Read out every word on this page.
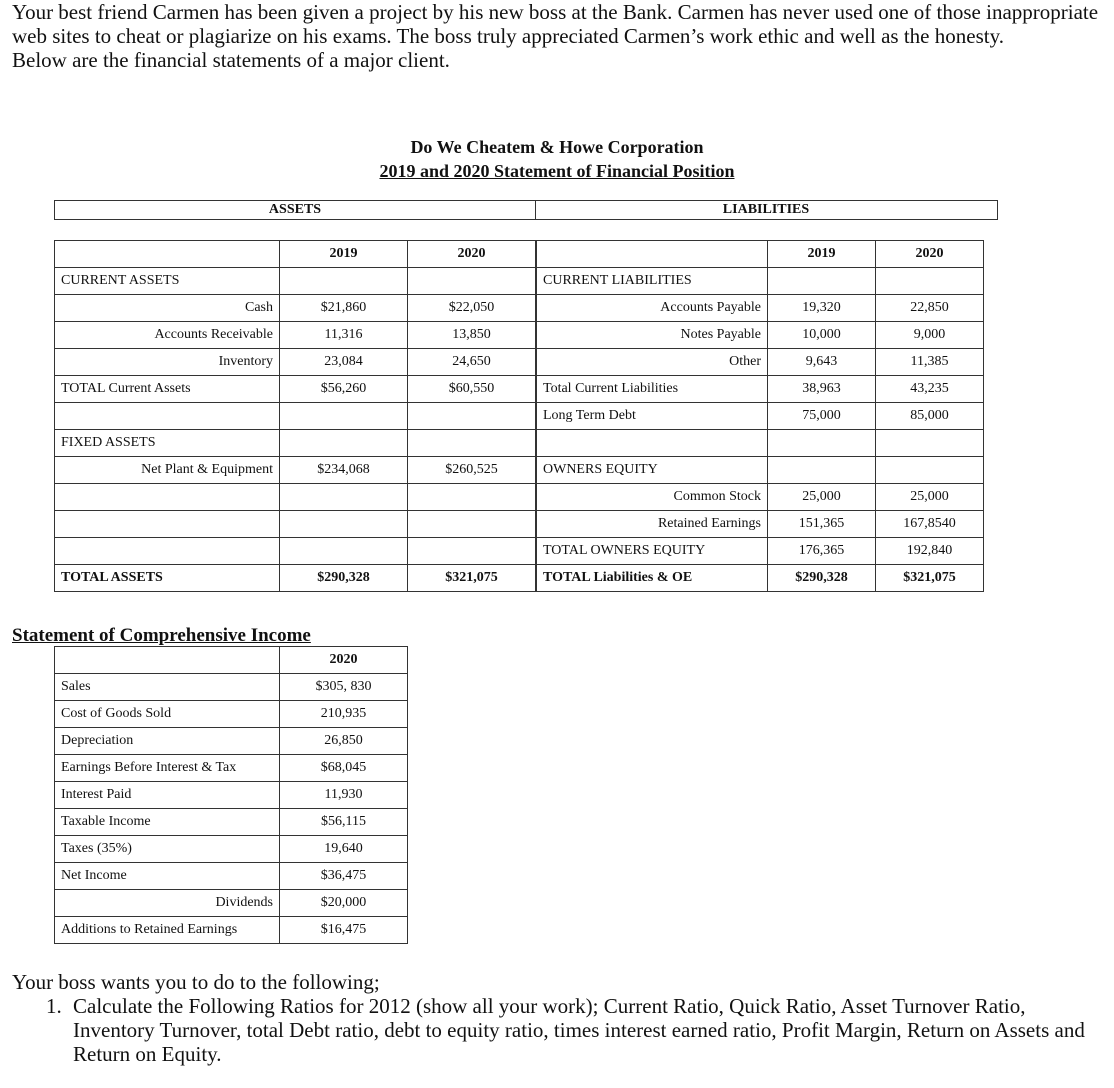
Your best friend Carmen has been given a project by his new boss at the Bank. Carmen has never used one of those inappropriate web sites to cheat or plagiarize on his exams. The boss truly appreciated Carmen’s work ethic and well as the honesty.

Below are the financial statements of a major client.

Do We Cheatem & Howe Corporation
2019 and 2020 Statement of Financial Position
ASSETS	LIABILITIES
	2019	2020			2019	2020
CURRENT ASSETS				CURRENT LIABILITIES		
Cash	$21,860	$22,050		Accounts Payable	19,320	22,850
Accounts Receivable	11,316	13,850		Notes Payable	10,000	9,000
Inventory	23,084	24,650		Other	9,643	11,385
TOTAL Current Assets	$56,260	$60,550		Total Current Liabilities	38,963	43,235
				Long Term Debt	75,000	85,000
FIXED ASSETS						
Net Plant & Equipment	$234,068	$260,525		OWNERS EQUITY		
				Common Stock	25,000	25,000
				Retained Earnings	151,365	167,8540
				TOTAL OWNERS EQUITY	176,365	192,840
TOTAL ASSETS	$290,328	$321,075		TOTAL Liabilities & OE	$290,328	$321,075
Statement of Comprehensive Income
	2020
Sales	$305, 830
Cost of Goods Sold	210,935
Depreciation	26,850
Earnings Before Interest & Tax	$68,045
Interest Paid	11,930
Taxable Income	$56,115
Taxes (35%)	19,640
Net Income	$36,475
Dividends	$20,000
Additions to Retained Earnings	$16,475
Your boss wants you to do to the following;
1. Calculate the Following Ratios for 2012 (show all your work); Current Ratio, Quick Ratio, Asset Turnover Ratio, Inventory Turnover, total Debt ratio, debt to equity ratio, times interest earned ratio, Profit Margin, Return on Assets and Return on Equity.
